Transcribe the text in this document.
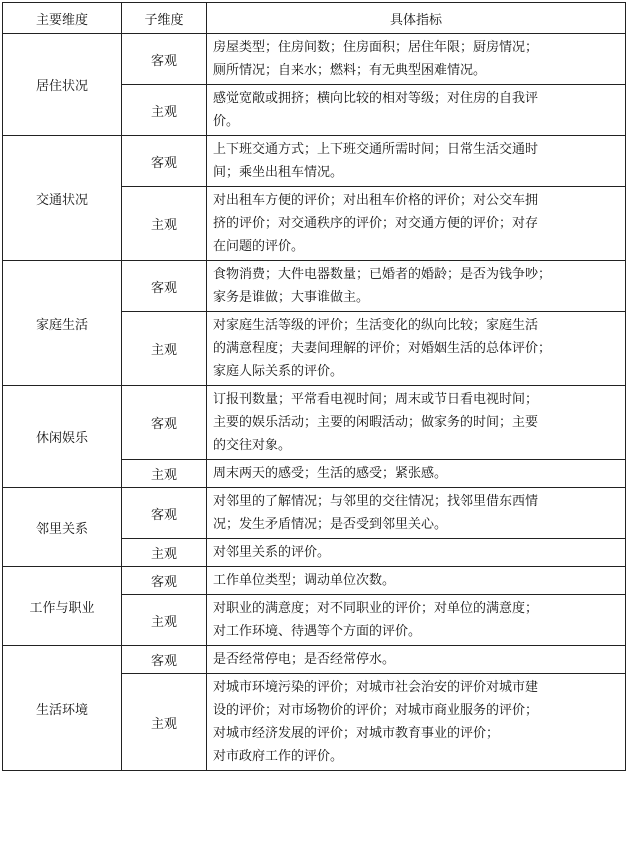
主要维度	子维度	具体指标
居住状况	客观	房屋类型；住房间数；住房面积；居住年限；厨房情况；
厕所情况；自来水；燃料；有无典型困难情况。

	主观	感觉宽敞或拥挤；横向比较的相对等级；对住房的自我评
价。

交通状况	客观	上下班交通方式；上下班交通所需时间；日常生活交通时
间；乘坐出租车情况。

	主观	对出租车方便的评价；对出租车价格的评价；对公交车拥
挤的评价；对交通秩序的评价；对交通方便的评价；对存
在问题的评价。

家庭生活	客观	食物消费；大件电器数量；已婚者的婚龄；是否为钱争吵；
家务是谁做；大事谁做主。

	主观	对家庭生活等级的评价；生活变化的纵向比较；家庭生活
的满意程度；夫妻间理解的评价；对婚姻生活的总体评价；
家庭人际关系的评价。

休闲娱乐	客观	订报刊数量；平常看电视时间；周末或节日看电视时间；
主要的娱乐活动；主要的闲暇活动；做家务的时间；主要
的交往对象。

	主观	周末两天的感受；生活的感受；紧张感。

邻里关系	客观	对邻里的了解情况；与邻里的交往情况；找邻里借东西情
况；发生矛盾情况；是否受到邻里关心。

	主观	对邻里关系的评价。

工作与职业	客观	工作单位类型；调动单位次数。

	主观	对职业的满意度；对不同职业的评价；对单位的满意度；
对工作环境、待遇等个方面的评价。

生活环境	客观	是否经常停电；是否经常停水。

	主观	对城市环境污染的评价；对城市社会治安的评价对城市建
设的评价；对市场物价的评价；对城市商业服务的评价；
对城市经济发展的评价；对城市教育事业的评价；
对市政府工作的评价。
